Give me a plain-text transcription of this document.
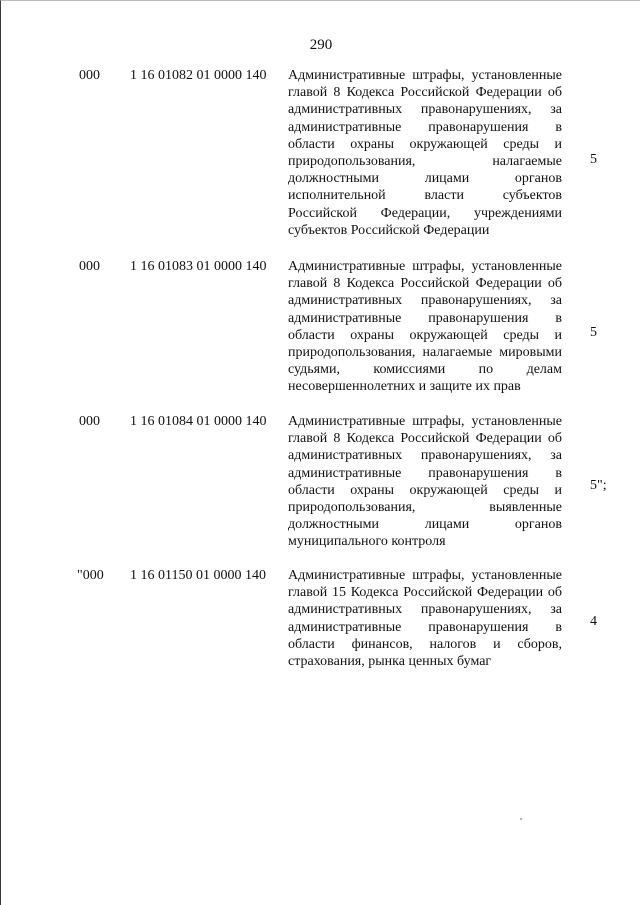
290
000 1 16 01082 01 0000 140 Административные штрафы, установленные главой 8 Кодекса Российской Федерации об административных правонарушениях, за административные правонарушения в области охраны окружающей среды и природопользования, налагаемые должностными лицами органов исполнительной власти субъектов Российской Федерации, учреждениями субъектов Российской Федерации
5
000 1 16 01083 01 0000 140 Административные штрафы, установленные главой 8 Кодекса Российской Федерации об административных правонарушениях, за административные правонарушения в области охраны окружающей среды и природопользования, налагаемые мировыми судьями, комиссиями по делам несовершеннолетних и защите их прав
5
000 1 16 01084 01 0000 140 Административные штрафы, установленные главой 8 Кодекса Российской Федерации об административных правонарушениях, за административные правонарушения в области охраны окружающей среды и природопользования, выявленные должностными лицами органов муниципального контроля
5";
"000 1 16 01150 01 0000 140 Административные штрафы, установленные главой 15 Кодекса Российской Федерации об административных правонарушениях, за административные правонарушения в области финансов, налогов и сборов, страхования, рынка ценных бумаг
4
